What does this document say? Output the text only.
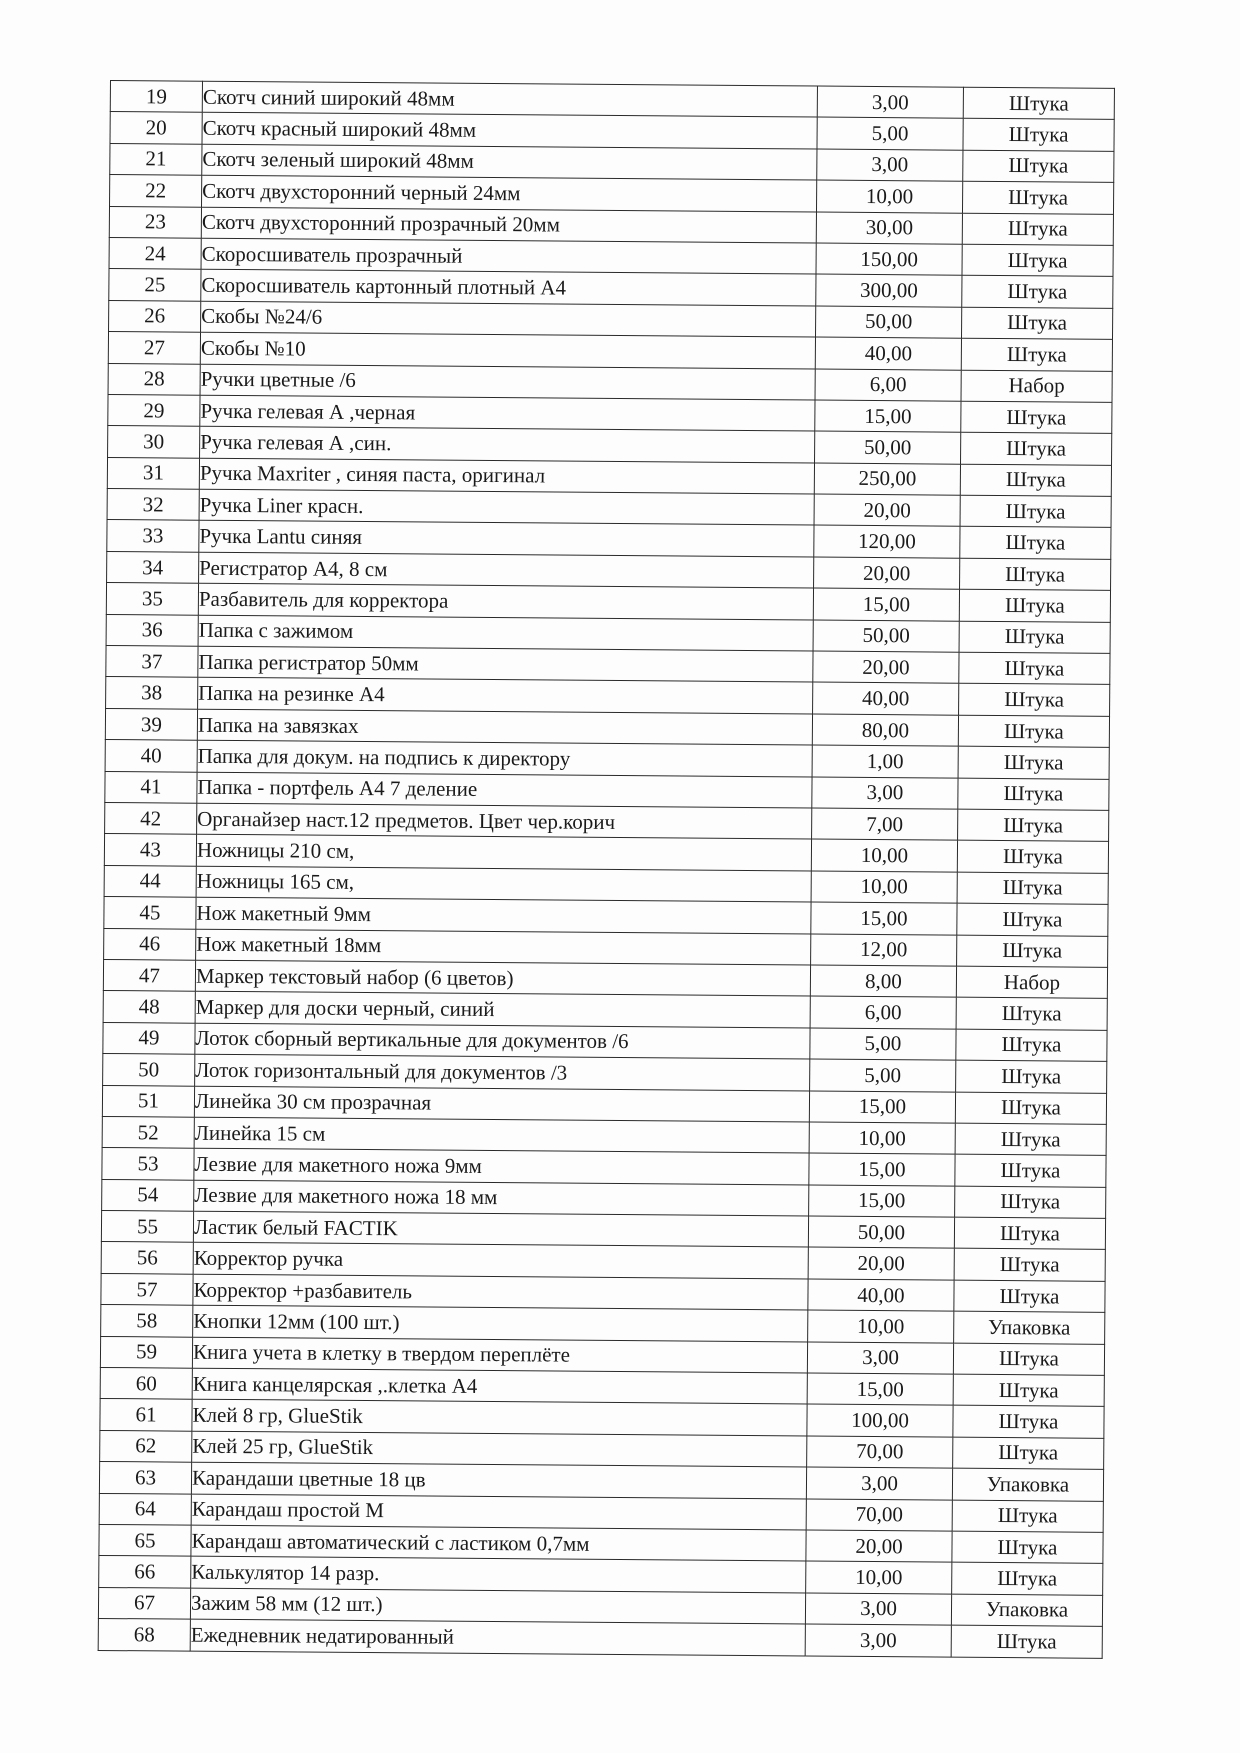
19	Скотч синий широкий 48мм	3,00	Штука
20	Скотч красный широкий 48мм	5,00	Штука
21	Скотч зеленый широкий 48мм	3,00	Штука
22	Скотч двухсторонний черный 24мм	10,00	Штука
23	Скотч двухсторонний прозрачный 20мм	30,00	Штука
24	Скоросшиватель прозрачный	150,00	Штука
25	Скоросшиватель картонный плотный А4	300,00	Штука
26	Скобы №24/6	50,00	Штука
27	Скобы №10	40,00	Штука
28	Ручки цветные /6	6,00	Набор
29	Ручка гелевая А ,черная	15,00	Штука
30	Ручка гелевая А ,син.	50,00	Штука
31	Ручка Maxriter , синяя паста, оригинал	250,00	Штука
32	Ручка Liner красн.	20,00	Штука
33	Ручка Lantu синяя	120,00	Штука
34	Регистратор А4, 8 см	20,00	Штука
35	Разбавитель для корректора	15,00	Штука
36	Папка с зажимом	50,00	Штука
37	Папка регистратор 50мм	20,00	Штука
38	Папка на резинке А4	40,00	Штука
39	Папка на завязках	80,00	Штука
40	Папка для докум. на подпись к директору	1,00	Штука
41	Папка - портфель А4 7 деление	3,00	Штука
42	Органайзер наст.12 предметов. Цвет чер.корич	7,00	Штука
43	Ножницы 210 см,	10,00	Штука
44	Ножницы 165 см,	10,00	Штука
45	Нож макетный 9мм	15,00	Штука
46	Нож макетный 18мм	12,00	Штука
47	Маркер текстовый набор (6 цветов)	8,00	Набор
48	Маркер для доски черный, синий	6,00	Штука
49	Лоток сборный вертикальные для документов /6	5,00	Штука
50	Лоток горизонтальный для документов /3	5,00	Штука
51	Линейка 30 см прозрачная	15,00	Штука
52	Линейка 15 см	10,00	Штука
53	Лезвие для макетного ножа 9мм	15,00	Штука
54	Лезвие для макетного ножа 18 мм	15,00	Штука
55	Ластик белый FACTIK	50,00	Штука
56	Корректор ручка	20,00	Штука
57	Корректор +разбавитель	40,00	Штука
58	Кнопки 12мм (100 шт.)	10,00	Упаковка
59	Книга учета в клетку в твердом переплёте	3,00	Штука
60	Книга канцелярская ,.клетка А4	15,00	Штука
61	Клей 8 гр, GlueStik	100,00	Штука
62	Клей 25 гр, GlueStik	70,00	Штука
63	Карандаши цветные 18 цв	3,00	Упаковка
64	Карандаш простой М	70,00	Штука
65	Карандаш автоматический с ластиком 0,7мм	20,00	Штука
66	Калькулятор 14 разр.	10,00	Штука
67	Зажим 58 мм (12 шт.)	3,00	Упаковка
68	Ежедневник недатированный	3,00	Штука
